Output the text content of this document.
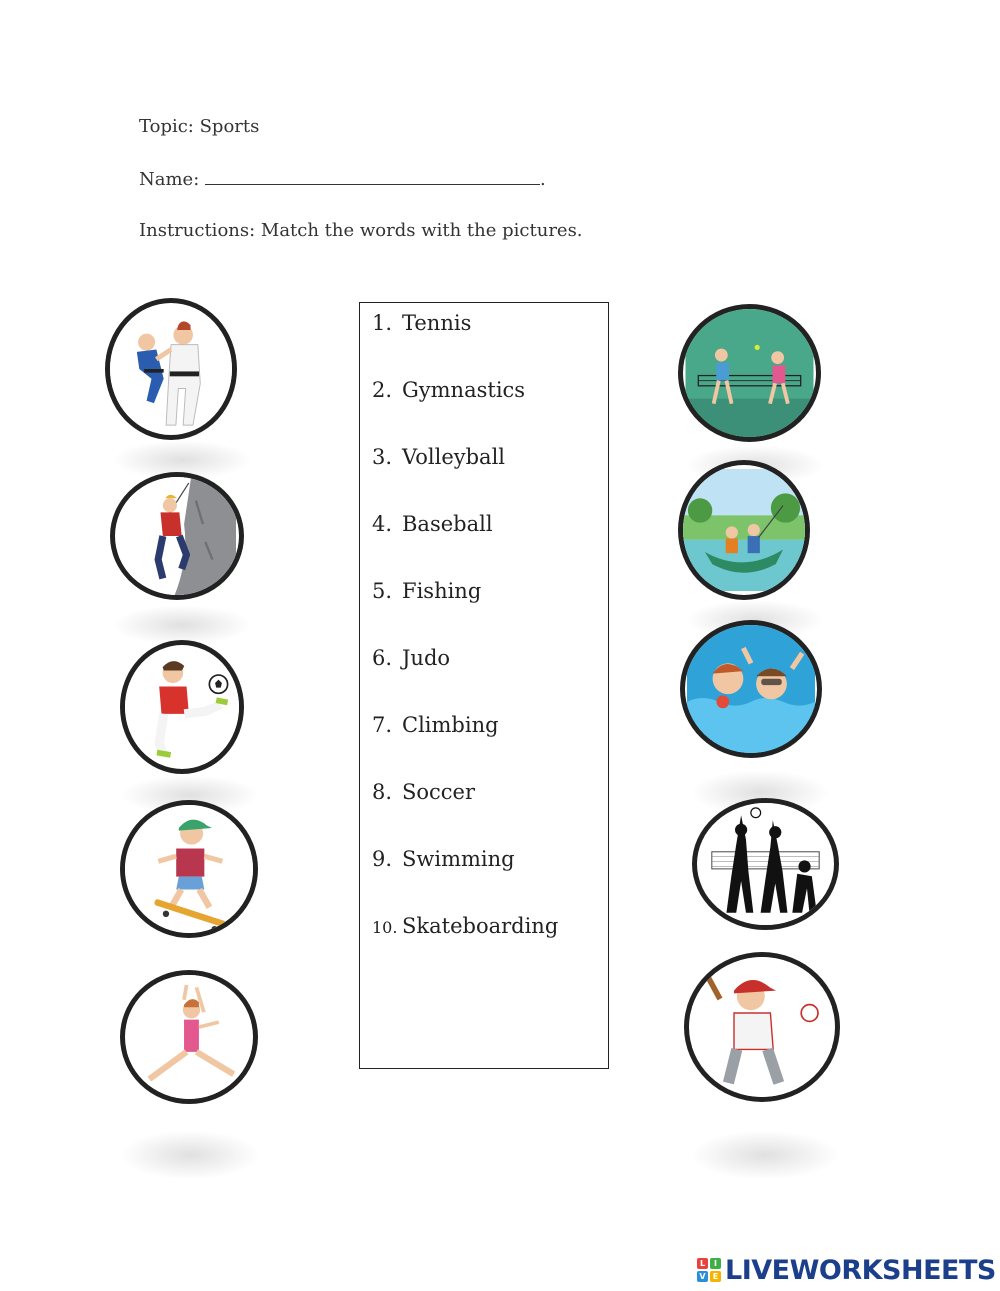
Topic: Sports
Name:	.
Instructions: Match the words with the pictures.
1. Tennis
2. Gymnastics
3. Volleyball
4. Baseball
5. Fishing
6. Judo
7. Climbing
8. Soccer
9. Swimming
10. Skateboarding
L	I
V E LIVEWORKSHEETS
